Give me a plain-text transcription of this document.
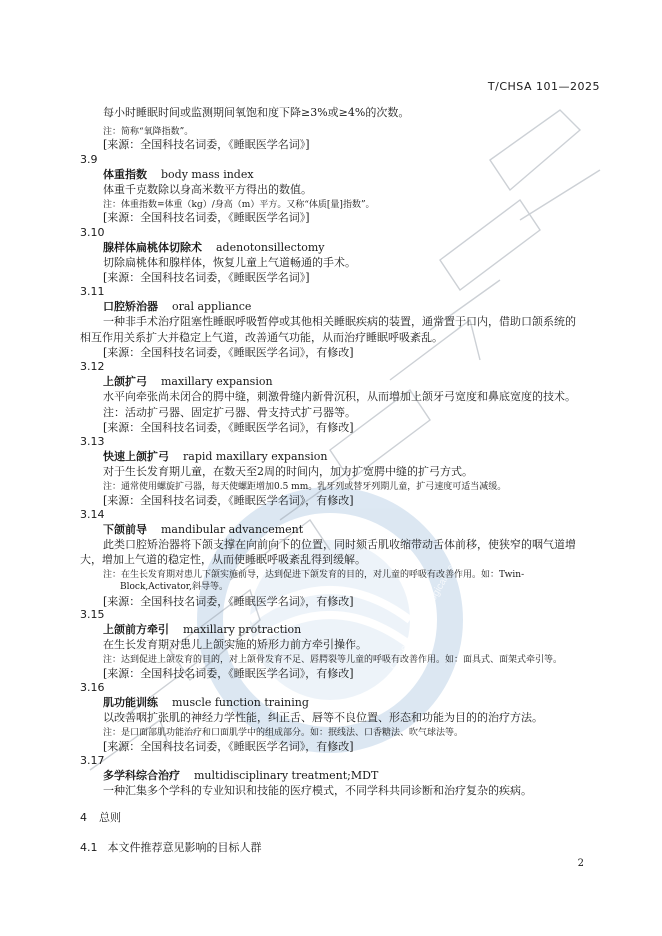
Chinese Stomatological Association
T/CHSA 101—2025
每小时睡眠时间或监测期间氧饱和度下降≥3%或≥4%的次数。
注：简称“氧降指数”。
[来源：全国科技名词委，《睡眠医学名词》]
3.9
体重指数 body mass index
体重千克数除以身高米数平方得出的数值。
注：体重指数=体重（kg）/身高（m）平方。又称“体质[量]指数”。
[来源：全国科技名词委，《睡眠医学名词》]
3.10
腺样体扁桃体切除术 adenotonsillectomy
切除扁桃体和腺样体，恢复儿童上气道畅通的手术。
[来源：全国科技名词委，《睡眠医学名词》]
3.11
口腔矫治器 oral appliance
一种非手术治疗阻塞性睡眠呼吸暂停或其他相关睡眠疾病的装置，通常置于口内，借助口颌系统的
相互作用关系扩大并稳定上气道，改善通气功能，从而治疗睡眠呼吸紊乱。
[来源：全国科技名词委，《睡眠医学名词》，有修改]
3.12
上颌扩弓 maxillary expansion
水平向牵张尚未闭合的腭中缝，刺激骨缝内新骨沉积，从而增加上颌牙弓宽度和鼻底宽度的技术。
注：活动扩弓器、固定扩弓器、骨支持式扩弓器等。
[来源：全国科技名词委，《睡眠医学名词》，有修改]
3.13
快速上颌扩弓 rapid maxillary expansion
对于生长发育期儿童，在数天至2周的时间内，加力扩宽腭中缝的扩弓方式。
注：通常使用螺旋扩弓器，每天使螺距增加0.5 mm。乳牙列或替牙列期儿童，扩弓速度可适当减缓。
[来源：全国科技名词委，《睡眠医学名词》，有修改]
3.14
下颌前导 mandibular advancement
此类口腔矫治器将下颌支撑在向前向下的位置，同时颏舌肌收缩带动舌体前移，使狭窄的咽气道增
大，增加上气道的稳定性，从而使睡眠呼吸紊乱得到缓解。
注：在生长发育期对患儿下颌实施前导，达到促进下颌发育的目的，对儿童的呼吸有改善作用。如：Twin-
Block,Activator,斜导等。
[来源：全国科技名词委，《睡眠医学名词》，有修改]
3.15
上颌前方牵引 maxillary protraction
在生长发育期对患儿上颌实施的矫形力前方牵引操作。
注：达到促进上颌发育的目的，对上颌骨发育不足、唇腭裂等儿童的呼吸有改善作用。如：面具式、面架式牵引等。
[来源：全国科技名词委，《睡眠医学名词》，有修改]
3.16
肌功能训练 muscle function training
以改善咽扩张肌的神经力学性能，纠正舌、唇等不良位置、形态和功能为目的的治疗方法。
注：是口面部肌功能治疗和口面肌学中的组成部分。如：抿线法、口香糖法、吹气球法等。
[来源：全国科技名词委，《睡眠医学名词》，有修改]
3.17
多学科综合治疗 multidisciplinary treatment;MDT
一种汇集多个学科的专业知识和技能的医疗模式，不同学科共同诊断和治疗复杂的疾病。
4 总则
4.1 本文件推荐意见影响的目标人群
2
